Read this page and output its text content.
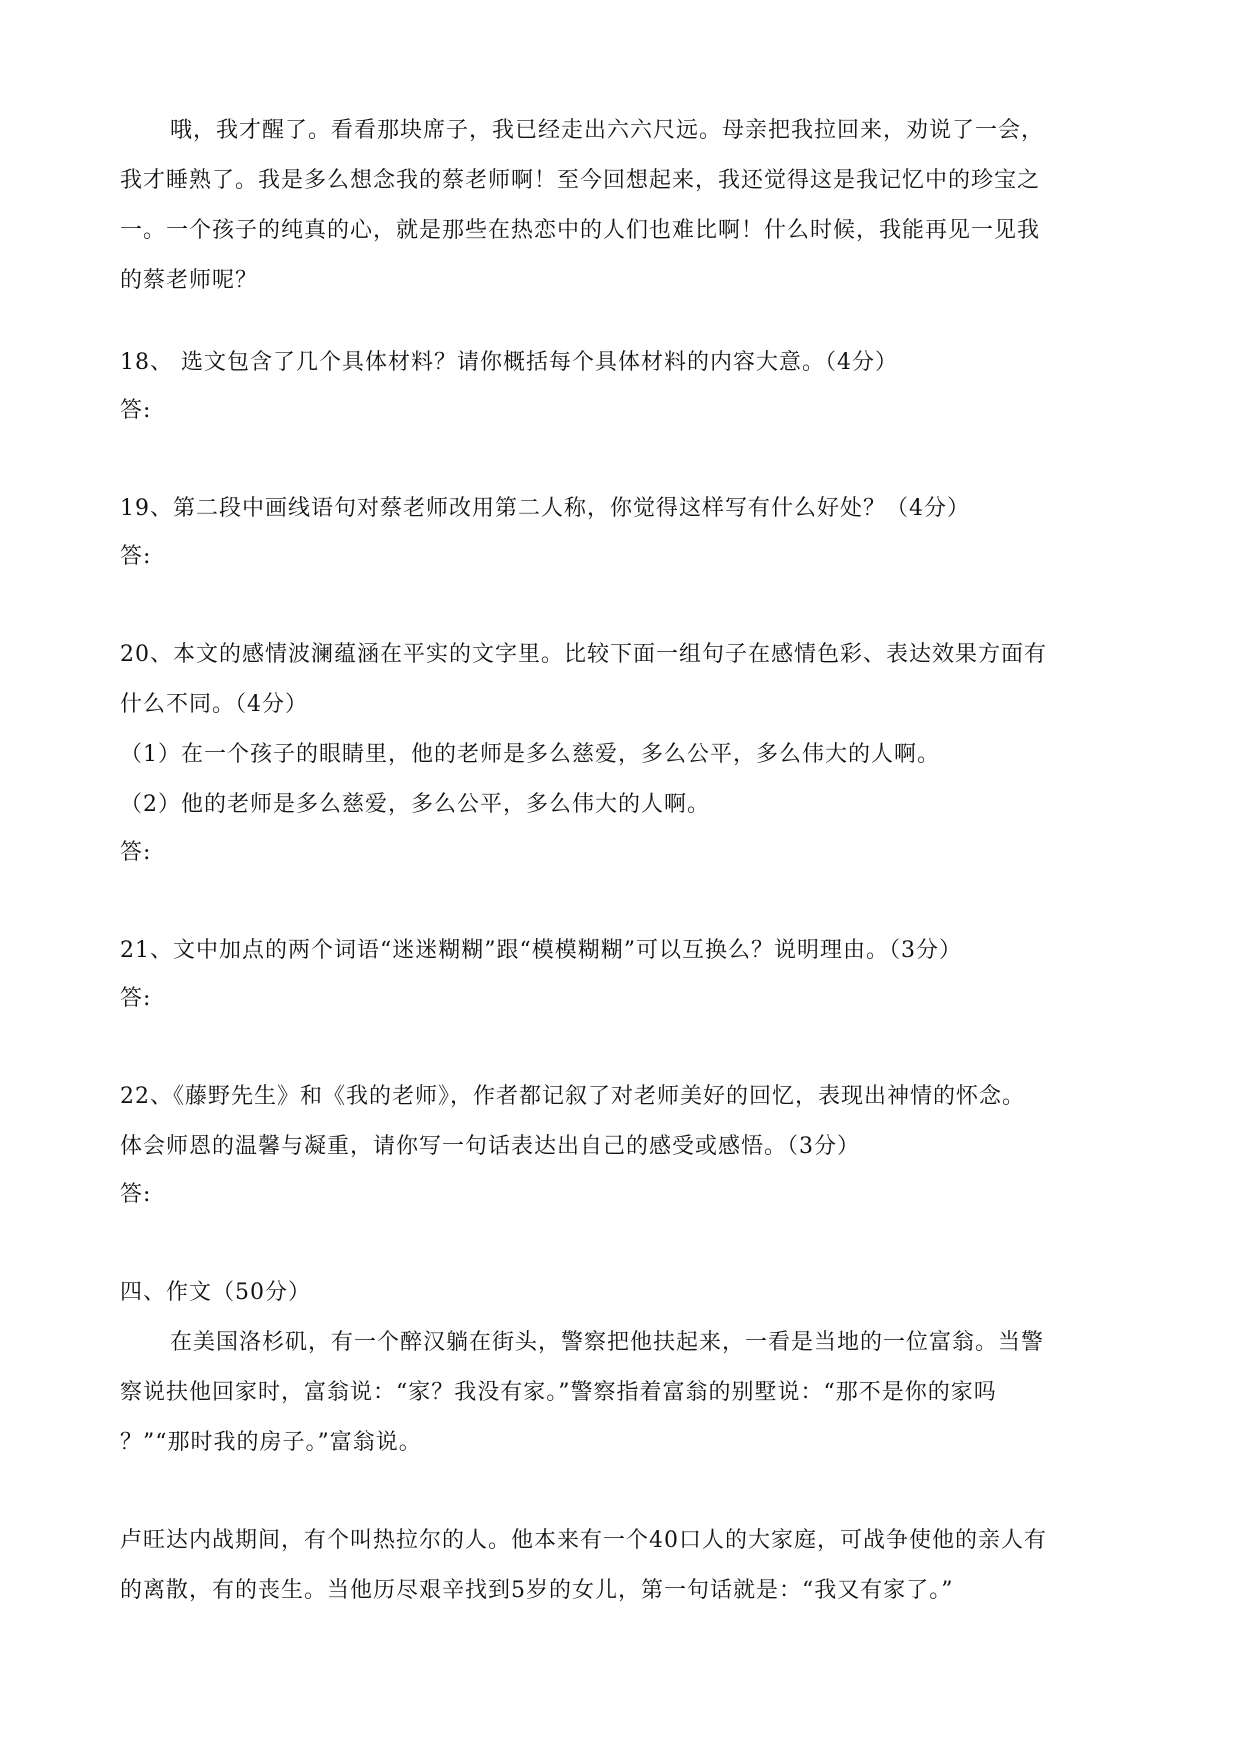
哦，我才醒了。看看那块席子，我已经走出六六尺远。母亲把我拉回来，劝说了一会，
我才睡熟了。我是多么想念我的蔡老师啊！至今回想起来，我还觉得这是我记忆中的珍宝之
一。一个孩子的纯真的心，就是那些在热恋中的人们也难比啊！什么时候，我能再见一见我
的蔡老师呢？
18、 选文包含了几个具体材料？请你概括每个具体材料的内容大意。（4分）
答:
19、第二段中画线语句对蔡老师改用第二人称，你觉得这样写有什么好处？（4分）
答:
20、本文的感情波澜蕴涵在平实的文字里。比较下面一组句子在感情色彩、表达效果方面有
什么不同。（4分）
（1）在一个孩子的眼睛里，他的老师是多么慈爱，多么公平，多么伟大的人啊。
（2）他的老师是多么慈爱，多么公平，多么伟大的人啊。
答:
21、文中加点的两个词语“迷迷糊糊”跟“模模糊糊”可以互换么？说明理由。（3分）
答:
22、《藤野先生》和《我的老师》，作者都记叙了对老师美好的回忆，表现出神情的怀念。
体会师恩的温馨与凝重，请你写一句话表达出自己的感受或感悟。（3分）
答:
四、作文（50分）
在美国洛杉矶，有一个醉汉躺在街头，警察把他扶起来，一看是当地的一位富翁。当警
察说扶他回家时，富翁说：“家？我没有家。”警察指着富翁的别墅说：“那不是你的家吗
？”“那时我的房子。”富翁说。
卢旺达内战期间，有个叫热拉尔的人。他本来有一个40口人的大家庭，可战争使他的亲人有
的离散，有的丧生。当他历尽艰辛找到5岁的女儿，第一句话就是：“我又有家了。”
